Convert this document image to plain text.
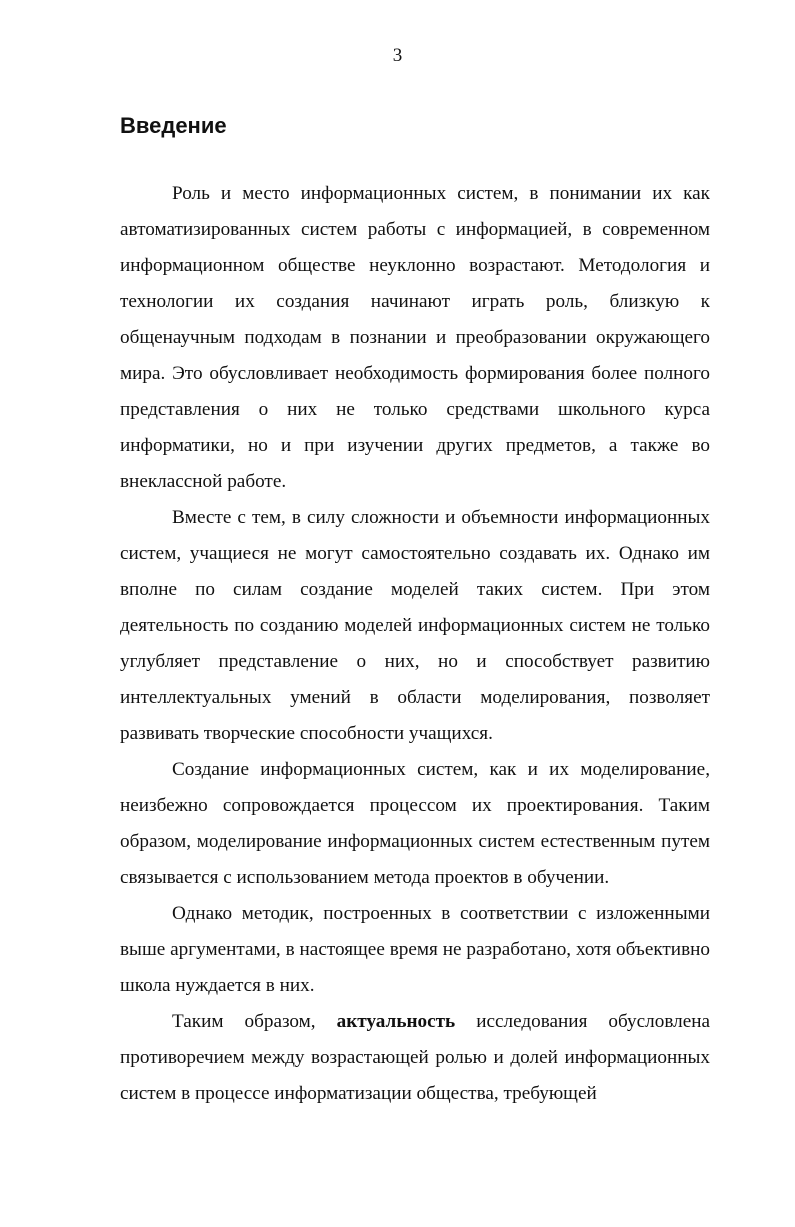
3
Введение

Роль и место информационных систем, в понимании их как автоматизированных систем работы с информацией, в современном информационном обществе неуклонно возрастают. Методология и технологии их создания начинают играть роль, близкую к общенаучным подходам в познании и преобразовании окружающего мира. Это обусловливает необходимость формирования более полного представления о них не только средствами школьного курса информатики, но и при изучении других предметов, а также во внеклассной работе.

Вместе с тем, в силу сложности и объемности информационных систем, учащиеся не могут самостоятельно создавать их. Однако им вполне по силам создание моделей таких систем. При этом деятельность по созданию моделей информационных систем не только углубляет представление о них, но и способствует развитию интеллектуальных умений в области моделирования, позволяет развивать творческие способности учащихся.

Создание информационных систем, как и их моделирование, неизбежно сопровождается процессом их проектирования. Таким образом, моделирование информационных систем естественным путем связывается с использованием метода проектов в обучении.

Однако методик, построенных в соответствии с изложенными выше аргументами, в настоящее время не разработано, хотя объективно школа нуждается в них.

Таким образом, актуальность исследования обусловлена противоречием между возрастающей ролью и долей информационных систем в процессе информатизации общества, требующей
